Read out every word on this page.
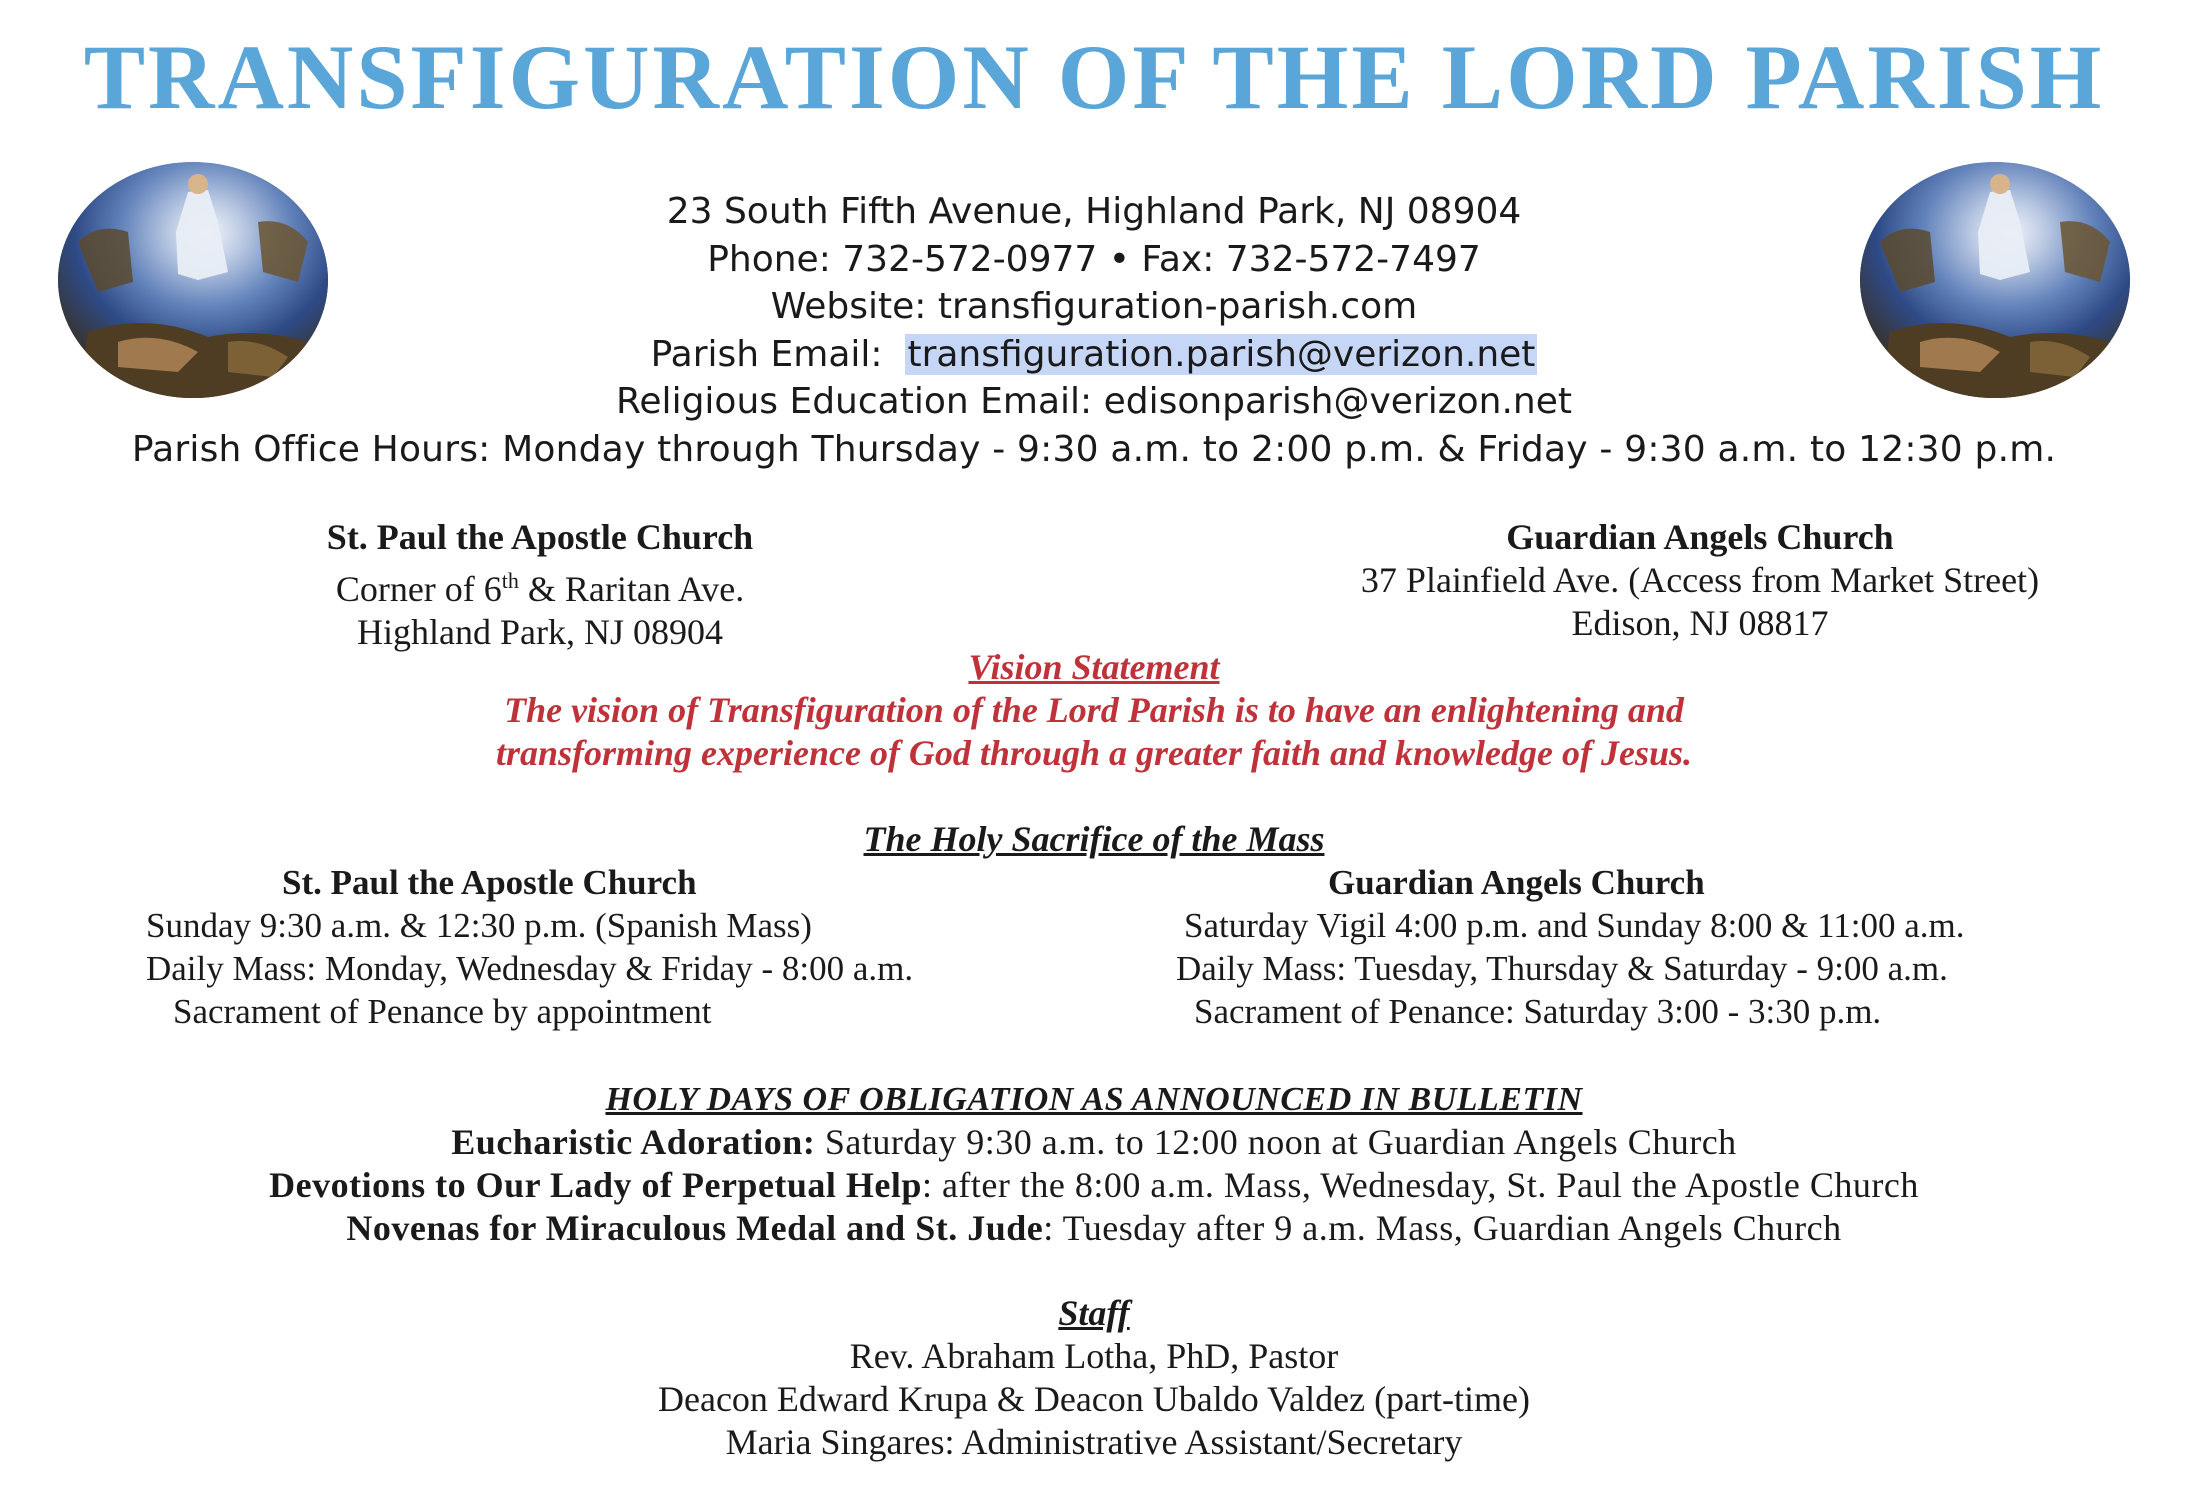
TRANSFIGURATION OF THE LORD PARISH
23 South Fifth Avenue, Highland Park, NJ 08904
Phone: 732-572-0977 • Fax: 732-572-7497
Website: transfiguration-parish.com
Parish Email: transfiguration.parish@verizon.net
Religious Education Email: edisonparish@verizon.net
Parish Office Hours: Monday through Thursday - 9:30 a.m. to 2:00 p.m. & Friday - 9:30 a.m. to 12:30 p.m.
St. Paul the Apostle Church
Corner of 6th & Raritan Ave.
Highland Park, NJ 08904
Guardian Angels Church
37 Plainfield Ave. (Access from Market Street)
Edison, NJ 08817
Vision Statement
The vision of Transfiguration of the Lord Parish is to have an enlightening and
transforming experience of God through a greater faith and knowledge of Jesus.
The Holy Sacrifice of the Mass
St. Paul the Apostle Church
Sunday 9:30 a.m. & 12:30 p.m. (Spanish Mass)
Daily Mass: Monday, Wednesday & Friday - 8:00 a.m.
Sacrament of Penance by appointment
Guardian Angels Church
Saturday Vigil 4:00 p.m. and Sunday 8:00 & 11:00 a.m.
Daily Mass: Tuesday, Thursday & Saturday - 9:00 a.m.
Sacrament of Penance: Saturday 3:00 - 3:30 p.m.
HOLY DAYS OF OBLIGATION AS ANNOUNCED IN BULLETIN
Eucharistic Adoration: Saturday 9:30 a.m. to 12:00 noon at Guardian Angels Church
Devotions to Our Lady of Perpetual Help: after the 8:00 a.m. Mass, Wednesday, St. Paul the Apostle Church
Novenas for Miraculous Medal and St. Jude: Tuesday after 9 a.m. Mass, Guardian Angels Church
Staff
Rev. Abraham Lotha, PhD, Pastor
Deacon Edward Krupa & Deacon Ubaldo Valdez (part-time)
Maria Singares: Administrative Assistant/Secretary
